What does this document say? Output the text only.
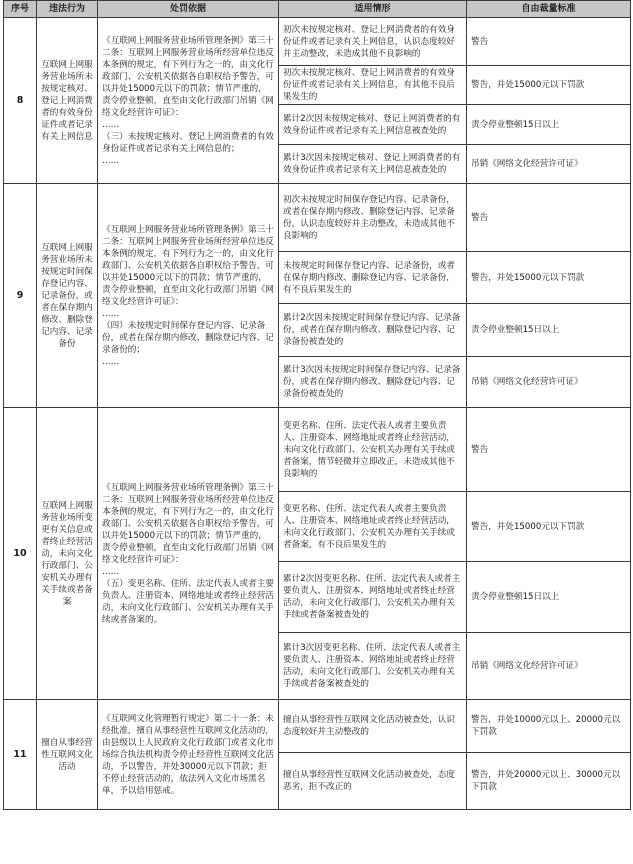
序号	违法行为	处罚依据	适用情形	自由裁量标准
8	互联网上网服务营业场所未按规定核对、登记上网消费者的有效身份证件或者记录有关上网信息	《互联网上网服务营业场所管理条例》第三十二条：互联网上网服务营业场所经营单位违反本条例的规定，有下列行为之一的，由文化行政部门、公安机关依据各自职权给予警告，可以并处15000元以下的罚款；情节严重的，责令停业整顿，直至由文化行政部门吊销《网络文化经营许可证》：
……
（三）未按规定核对、登记上网消费者的有效身份证件或者记录有关上网信息的；
……	初次未按规定核对、登记上网消费者的有效身份证件或者记录有关上网信息，认识态度较好并主动整改，未造成其他不良影响的	警告
			初次未按规定核对、登记上网消费者的有效身份证件或者记录有关上网信息，有其他不良后果发生的	警告，并处15000元以下罚款
			累计2次因未按规定核对、登记上网消费者的有效身份证件或者记录有关上网信息被查处的	责令停业整顿15日以上
			累计3次因未按规定核对、登记上网消费者的有效身份证件或者记录有关上网信息被查处的	吊销《网络文化经营许可证》
9	互联网上网服务营业场所未按规定时间保存登记内容、记录备份，或者在保存期内修改、删除登记内容、记录备份	《互联网上网服务营业场所管理条例》第三十二条：互联网上网服务营业场所经营单位违反本条例的规定，有下列行为之一的，由文化行政部门、公安机关依据各自职权给予警告，可以并处15000元以下的罚款；情节严重的，责令停业整顿，直至由文化行政部门吊销《网络文化经营许可证》：
……
（四）未按规定时间保存登记内容、记录备份，或者在保存期内修改、删除登记内容、记录备份的；
……	初次未按规定时间保存登记内容、记录备份，或者在保存期内修改、删除登记内容、记录备份，认识态度较好并主动整改，未造成其他不良影响的	警告
			未按规定时间保存登记内容、记录备份，或者在保存期内修改、删除登记内容、记录备份，有不良后果发生的	警告，并处15000元以下罚款
			累计2次因未按规定时间保存登记内容、记录备份，或者在保存期内修改、删除登记内容、记录备份被查处的	责令停业整顿15日以上
			累计3次因未按规定时间保存登记内容、记录备份，或者在保存期内修改、删除登记内容、记录备份被查处的	吊销《网络文化经营许可证》
10	互联网上网服务营业场所变更有关信息或者终止经营活动，未向文化行政部门、公安机关办理有关手续或者备案	《互联网上网服务营业场所管理条例》第三十二条：互联网上网服务营业场所经营单位违反本条例的规定，有下列行为之一的，由文化行政部门、公安机关依据各自职权给予警告，可以并处15000元以下的罚款；情节严重的，责令停业整顿，直至由文化行政部门吊销《网络文化经营许可证》：
……
（五）变更名称、住所、法定代表人或者主要负责人、注册资本、网络地址或者终止经营活动，未向文化行政部门、公安机关办理有关手续或者备案的。	变更名称、住所、法定代表人或者主要负责人、注册资本、网络地址或者终止经营活动，未向文化行政部门、公安机关办理有关手续或者备案，情节轻微并立即改正，未造成其他不良影响的	警告
			变更名称、住所、法定代表人或者主要负责人、注册资本、网络地址或者终止经营活动，未向文化行政部门、公安机关办理有关手续或者备案，有不良后果发生的	警告，并处15000元以下罚款
			累计2次因变更名称、住所、法定代表人或者主要负责人、注册资本、网络地址或者终止经营活动，未向文化行政部门、公安机关办理有关手续或者备案被查处的	责令停业整顿15日以上
			累计3次因变更名称、住所、法定代表人或者主要负责人、注册资本、网络地址或者终止经营活动，未向文化行政部门、公安机关办理有关手续或者备案被查处的	吊销《网络文化经营许可证》
11	擅自从事经营性互联网文化活动	《互联网文化管理暂行规定》第二十一条：未经批准，擅自从事经营性互联网文化活动的，由县级以上人民政府文化行政部门或者文化市场综合执法机构责令停止经营性互联网文化活动，予以警告，并处30000元以下罚款；拒不停止经营活动的，依法列入文化市场黑名单，予以信用惩戒。	擅自从事经营性互联网文化活动被查处，认识态度较好并主动整改的	警告，并处10000元以上、20000元以下罚款
			擅自从事经营性互联网文化活动被查处，态度恶劣，拒不改正的	警告，并处20000元以上、30000元以下罚款
